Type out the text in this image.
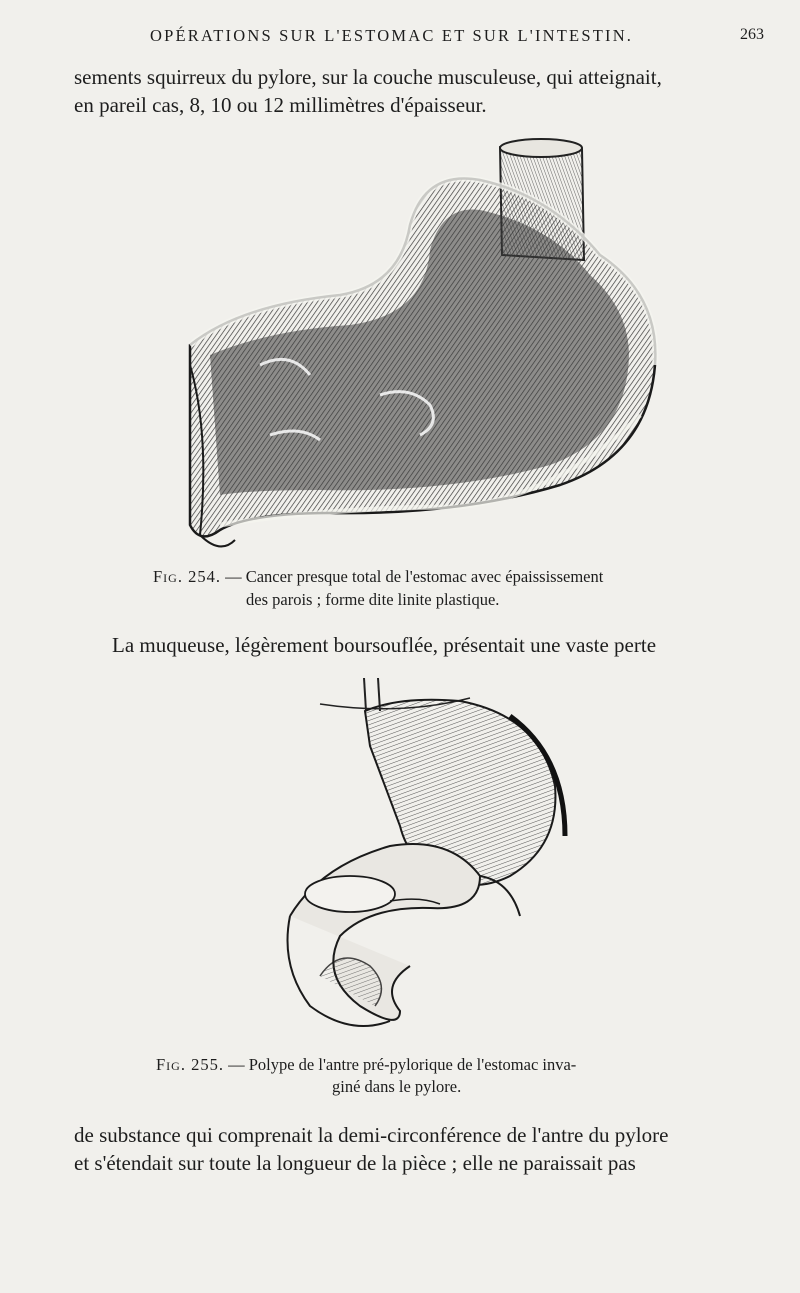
OPÉRATIONS SUR L'ESTOMAC ET SUR L'INTESTIN.	263

sements squirreux du pylore, sur la couche musculeuse, qui atteignait,

en pareil cas, 8, 10 ou 12 millimètres d'épaisseur.

Fig. 254. — Cancer presque total de l'estomac avec épaississement
des parois ; forme dite linite plastique.

La muqueuse, légèrement boursouflée, présentait une vaste perte

Fig. 255. — Polype de l'antre pré-pylorique de l'estomac inva-
giné dans le pylore.

de substance qui comprenait la demi-circonférence de l'antre du pylore

et s'étendait sur toute la longueur de la pièce ; elle ne paraissait pas
